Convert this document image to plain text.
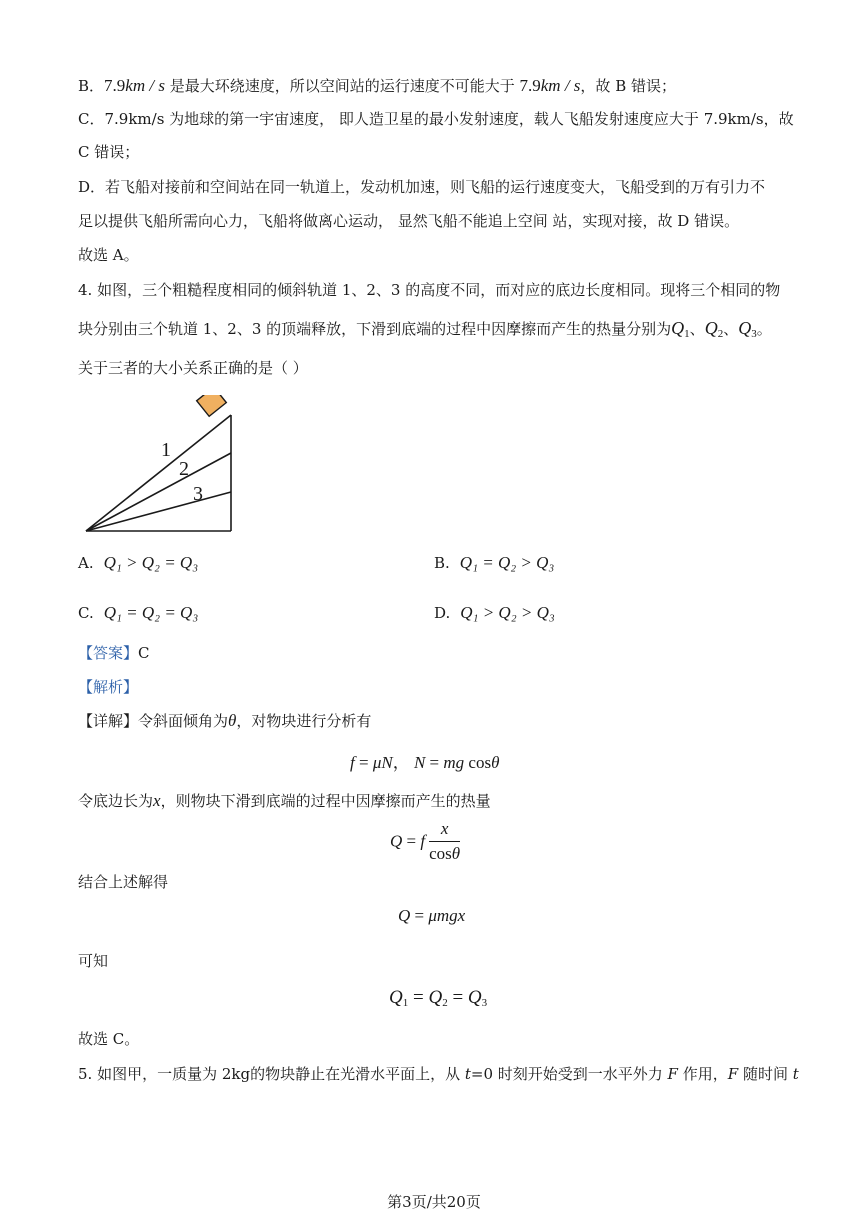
B．7.9km / s 是最大环绕速度，所以空间站的运行速度不可能大于 7.9km / s，故 B 错误；
C．7.9km/s 为地球的第一宇宙速度， 即人造卫星的最小发射速度，载人飞船发射速度应大于 7.9km/s，故
C 错误；
D．若飞船对接前和空间站在同一轨道上，发动机加速，则飞船的运行速度变大，飞船受到的万有引力不
足以提供飞船所需向心力，飞船将做离心运动， 显然飞船不能追上空间 站，实现对接，故 D 错误。
故选 A。
4. 如图，三个粗糙程度相同的倾斜轨道 1、2、3 的高度不同，而对应的底边长度相同。现将三个相同的物
块分别由三个轨道 1、2、3 的顶端释放，下滑到底端的过程中因摩擦而产生的热量分别为$Q_1$、$Q_2$、$Q_3$。
关于三者的大小关系正确的是（ ）
1
2
3
A. Q₁ > Q₂ = Q₃	B. Q₁ = Q₂ > Q₃
C. Q₁ = Q₂ = Q₃	D. Q₁ > Q₂ > Q₃
【答案】C
【解析】
【详解】令斜面倾角为θ，对物块进行分析有
f = μN， N = mg cosθ
令底边长为x，则物块下滑到底端的过程中因摩擦而产生的热量
Q = f $\frac{x}{\cos\theta}$
结合上述解得
Q = μmgx
可知
$Q_1 = Q_2 = Q_3$
故选 C。
5. 如图甲，一质量为 2kg的物块静止在光滑水平面上，从 t=0 时刻开始受到一水平外力 F 作用，F 随时间 t
第3页/共20页
